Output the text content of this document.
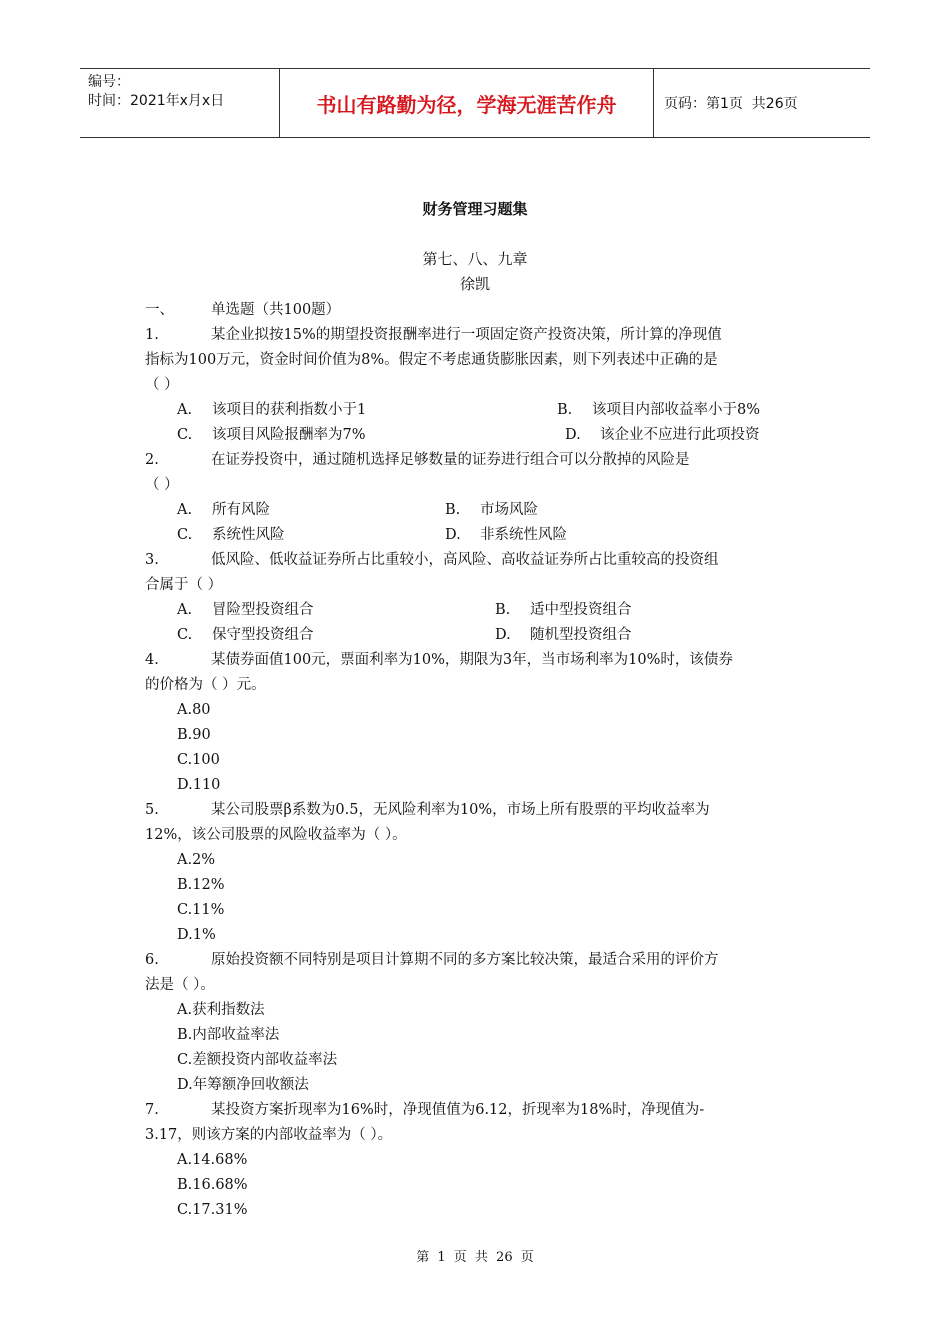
编号：
时间：2021年x月x日	书山有路勤为径，学海无涯苦作舟	页码：第1页  共26页
财务管理习题集
第七、八、九章
徐凯
一、	单选题（共100题）
1.	某企业拟按15%的期望投资报酬率进行一项固定资产投资决策，所计算的净现值
指标为100万元，资金时间价值为8%。假定不考虑通货膨胀因素，则下列表述中正确的是
（ ）
A.	该项目的获利指数小于1	B.	该项目内部收益率小于8%
C.	该项目风险报酬率为7%	D.	该企业不应进行此项投资
2.	在证券投资中，通过随机选择足够数量的证券进行组合可以分散掉的风险是
（ ）
A.	所有风险	B.	市场风险
C.	系统性风险	D.	非系统性风险
3.	低风险、低收益证券所占比重较小，高风险、高收益证券所占比重较高的投资组
合属于（ ）
A.	冒险型投资组合	B.	适中型投资组合
C.	保守型投资组合	D.	随机型投资组合
4.	某债券面值100元，票面利率为10%，期限为3年，当市场利率为10%时，该债券
的价格为（ ）元。
A.80
B.90
C.100
D.110
5.	某公司股票β系数为0.5，无风险利率为10%，市场上所有股票的平均收益率为
12%，该公司股票的风险收益率为（ ）。
A.2%
B.12%
C.11%
D.1%
6.	原始投资额不同特别是项目计算期不同的多方案比较决策，最适合采用的评价方
法是（ ）。
A.获利指数法
B.内部收益率法
C.差额投资内部收益率法
D.年筹额净回收额法
7.	某投资方案折现率为16%时，净现值值为6.12，折现率为18%时，净现值为-
3.17，则该方案的内部收益率为（ ）。
A.14.68%
B.16.68%
C.17.31%
第 1 页 共 26 页
